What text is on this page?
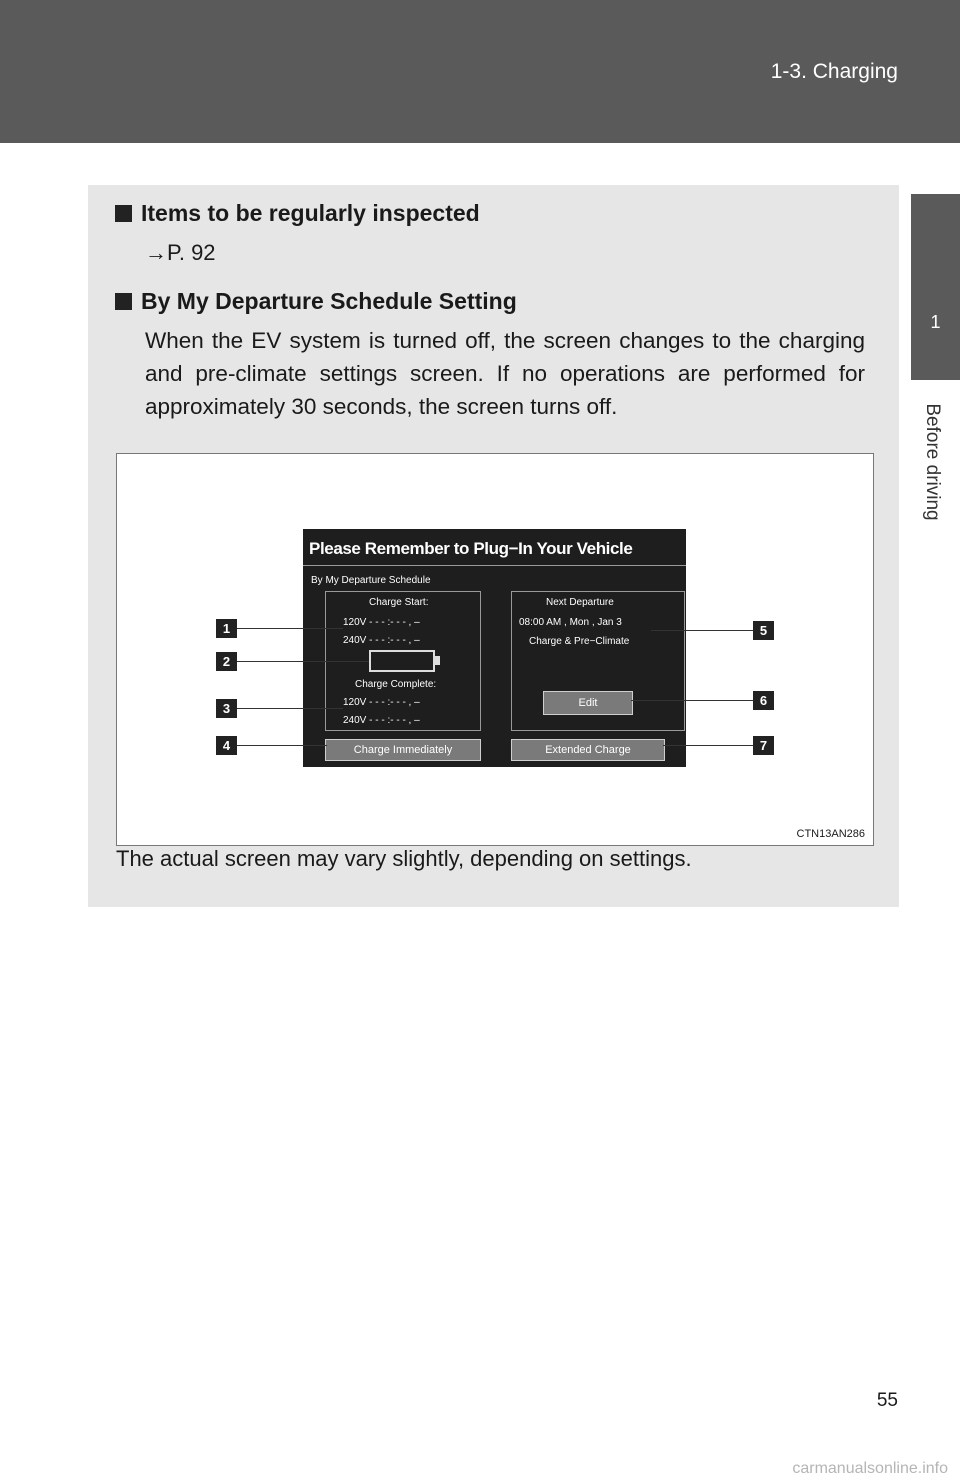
1-3. Charging
1
Before driving
Items to be regularly inspected
→P. 92
By My Departure Schedule Setting
When the EV system is turned off, the screen changes to the charging and pre-climate settings screen. If no operations are performed for approximately 30 seconds, the screen turns off.
Please Remember to Plug−In Your Vehicle
By My Departure Schedule
Charge Start:
120V - - - :- - - , –
240V - - - :- - - , –
Charge Complete:
120V - - - :- - - , –
240V - - - :- - - , –
Next Departure
08:00 AM , Mon , Jan 3
Charge & Pre−Climate
Edit
Charge Immediately	Extended Charge
1
2
3
4
5
6
7
CTN13AN286
The actual screen may vary slightly, depending on settings.
55
carmanualsonline.info
